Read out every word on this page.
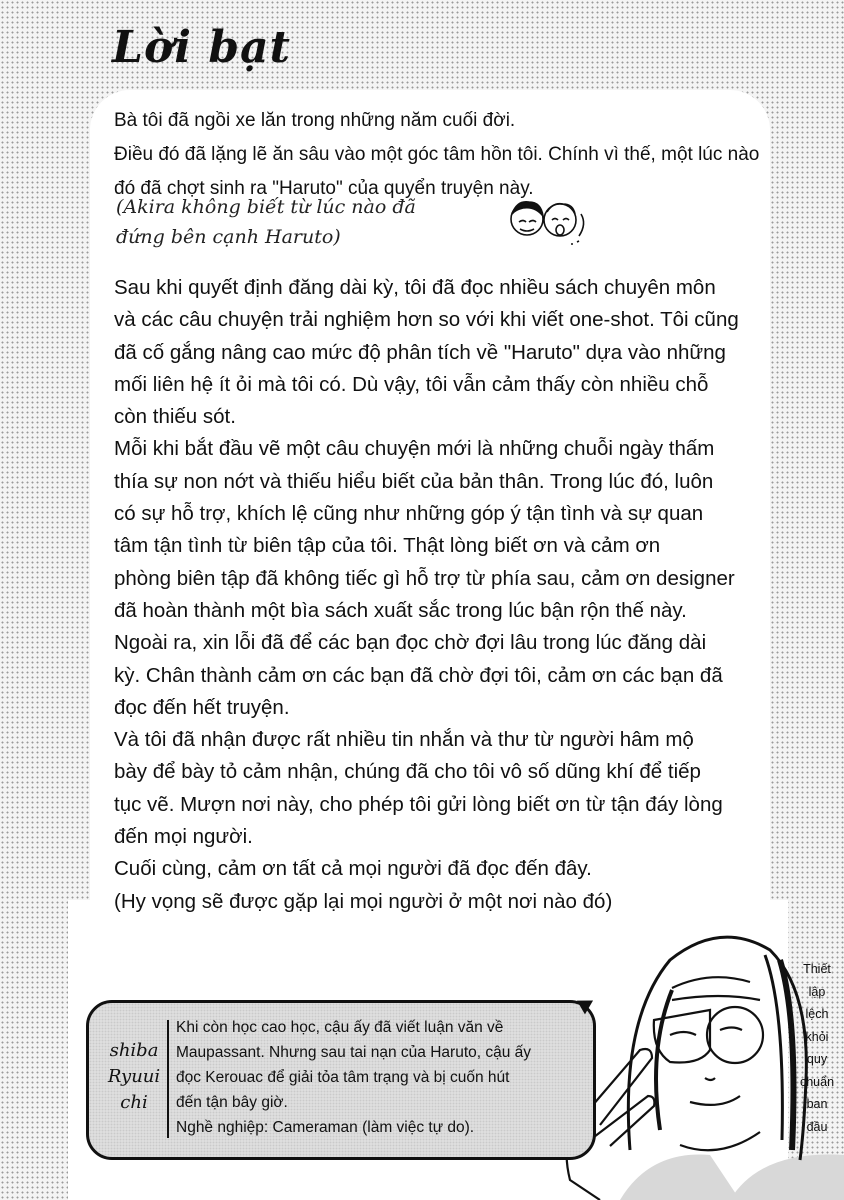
Lời bạt

Bà tôi đã ngồi xe lăn trong những năm cuối đời.

Điều đó đã lặng lẽ ăn sâu vào một góc tâm hồn tôi. Chính vì thế, một lúc nào

đó đã chợt sinh ra "Haruto" của quyển truyện này.

(Akira không biết từ lúc nào đã

đứng bên cạnh Haruto)

Sau khi quyết định đăng dài kỳ, tôi đã đọc nhiều sách chuyên môn

và các câu chuyện trải nghiệm hơn so với khi viết one-shot. Tôi cũng

đã cố gắng nâng cao mức độ phân tích về "Haruto" dựa vào những

mối liên hệ ít ỏi mà tôi có. Dù vậy, tôi vẫn cảm thấy còn nhiều chỗ

còn thiếu sót.

Mỗi khi bắt đầu vẽ một câu chuyện mới là những chuỗi ngày thấm

thía sự non nớt và thiếu hiểu biết của bản thân. Trong lúc đó, luôn

có sự hỗ trợ, khích lệ cũng như những góp ý tận tình và sự quan

tâm tận tình từ biên tập của tôi. Thật lòng biết ơn và cảm ơn

phòng biên tập đã không tiếc gì hỗ trợ từ phía sau, cảm ơn designer

đã hoàn thành một bìa sách xuất sắc trong lúc bận rộn thế này.

Ngoài ra, xin lỗi đã để các bạn đọc chờ đợi lâu trong lúc đăng dài

kỳ. Chân thành cảm ơn các bạn đã chờ đợi tôi, cảm ơn các bạn đã

đọc đến hết truyện.

Và tôi đã nhận được rất nhiều tin nhắn và thư từ người hâm mộ

bày để bày tỏ cảm nhận, chúng đã cho tôi vô số dũng khí để tiếp

tục vẽ. Mượn nơi này, cho phép tôi gửi lòng biết ơn từ tận đáy lòng

đến mọi người.

Cuối cùng, cảm ơn tất cả mọi người đã đọc đến đây.

(Hy vọng sẽ được gặp lại mọi người ở một nơi nào đó)

shiba

Ryuui

chi

Khi còn học cao học, cậu ấy đã viết luận văn về

Maupassant. Nhưng sau tai nạn của Haruto, cậu ấy

đọc Kerouac để giải tỏa tâm trạng và bị cuốn hút

đến tận bây giờ.

Nghề nghiệp: Cameraman (làm việc tự do).

Thiết
lập
lệch
khỏi
quy
chuẩn
ban
đầu
